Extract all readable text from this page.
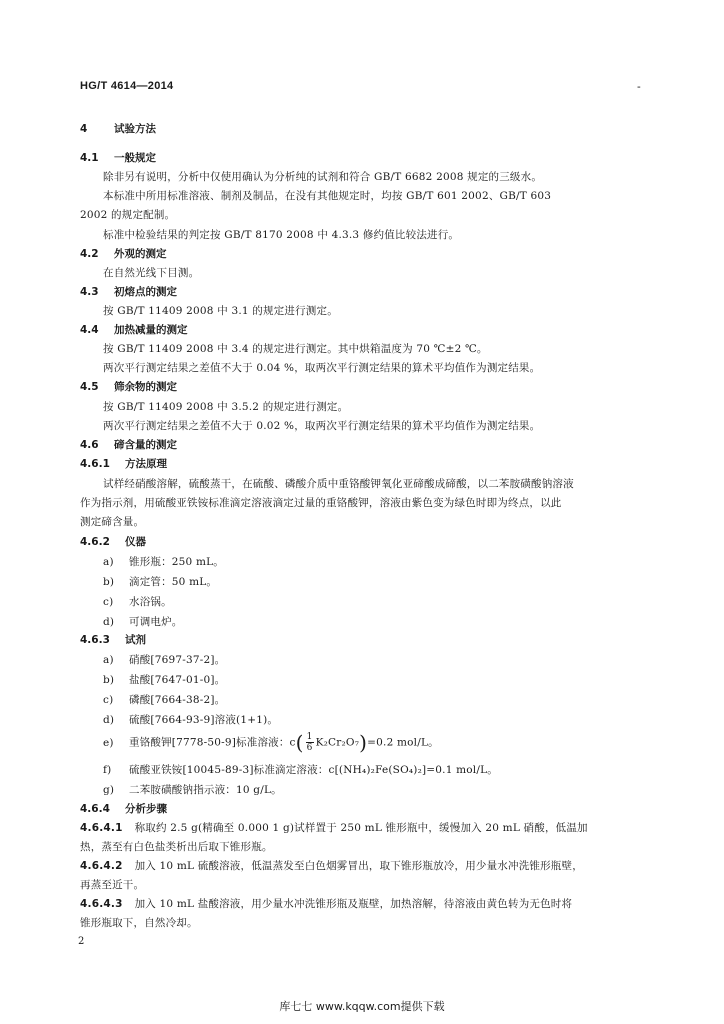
HG/T 4614—2014	-
4	试验方法
4.1 一般规定
除非另有说明，分析中仅使用确认为分析纯的试剂和符合 GB/T 6682 2008 规定的三级水。
本标准中所用标准溶液、制剂及制品，在没有其他规定时，均按 GB/T 601 2002、GB/T 603
2002 的规定配制。
标准中检验结果的判定按 GB/T 8170 2008 中 4.3.3 修约值比较法进行。
4.2 外观的测定
在自然光线下目测。
4.3 初熔点的测定
按 GB/T 11409 2008 中 3.1 的规定进行测定。
4.4 加热减量的测定
按 GB/T 11409 2008 中 3.4 的规定进行测定。其中烘箱温度为 70 ℃±2 ℃。
两次平行测定结果之差值不大于 0.04 %，取两次平行测定结果的算术平均值作为测定结果。
4.5 筛余物的测定
按 GB/T 11409 2008 中 3.5.2 的规定进行测定。
两次平行测定结果之差值不大于 0.02 %，取两次平行测定结果的算术平均值作为测定结果。
4.6 碲含量的测定
4.6.1 方法原理
试样经硝酸溶解，硫酸蒸干，在硫酸、磷酸介质中重铬酸钾氧化亚碲酸成碲酸，以二苯胺磺酸钠溶液
作为指示剂，用硫酸亚铁铵标准滴定溶液滴定过量的重铬酸钾，溶液由紫色变为绿色时即为终点，以此
测定碲含量。
4.6.2 仪器
a) 锥形瓶：250 mL。
b) 滴定管：50 mL。
c) 水浴锅。
d) 可调电炉。
4.6.3 试剂
a) 硝酸[7697-37-2]。
b) 盐酸[7647-01-0]。
c) 磷酸[7664-38-2]。
d) 硫酸[7664-93-9]溶液(1+1)。
e) 重铬酸钾[7778-50-9]标准溶液：$c( \frac{1}{6} K_2Cr_2O_7)=0.2$ mol/L。
f) 硫酸亚铁铵[10045-89-3]标准滴定溶液：c[(NH₄)₂Fe(SO₄)₂]=0.1 mol/L。
g) 二苯胺磺酸钠指示液：10 g/L。
4.6.4 分析步骤
4.6.4.1 称取约 2.5 g(精确至 0.000 1 g)试样置于 250 mL 锥形瓶中，缓慢加入 20 mL 硝酸，低温加
热，蒸至有白色盐类析出后取下锥形瓶。
4.6.4.2 加入 10 mL 硫酸溶液，低温蒸发至白色烟雾冒出，取下锥形瓶放冷，用少量水冲洗锥形瓶壁，
再蒸至近干。
4.6.4.3 加入 10 mL 盐酸溶液，用少量水冲洗锥形瓶及瓶壁，加热溶解，待溶液由黄色转为无色时将
锥形瓶取下，自然冷却。
2
库七七 www.kqqw.com提供下载
